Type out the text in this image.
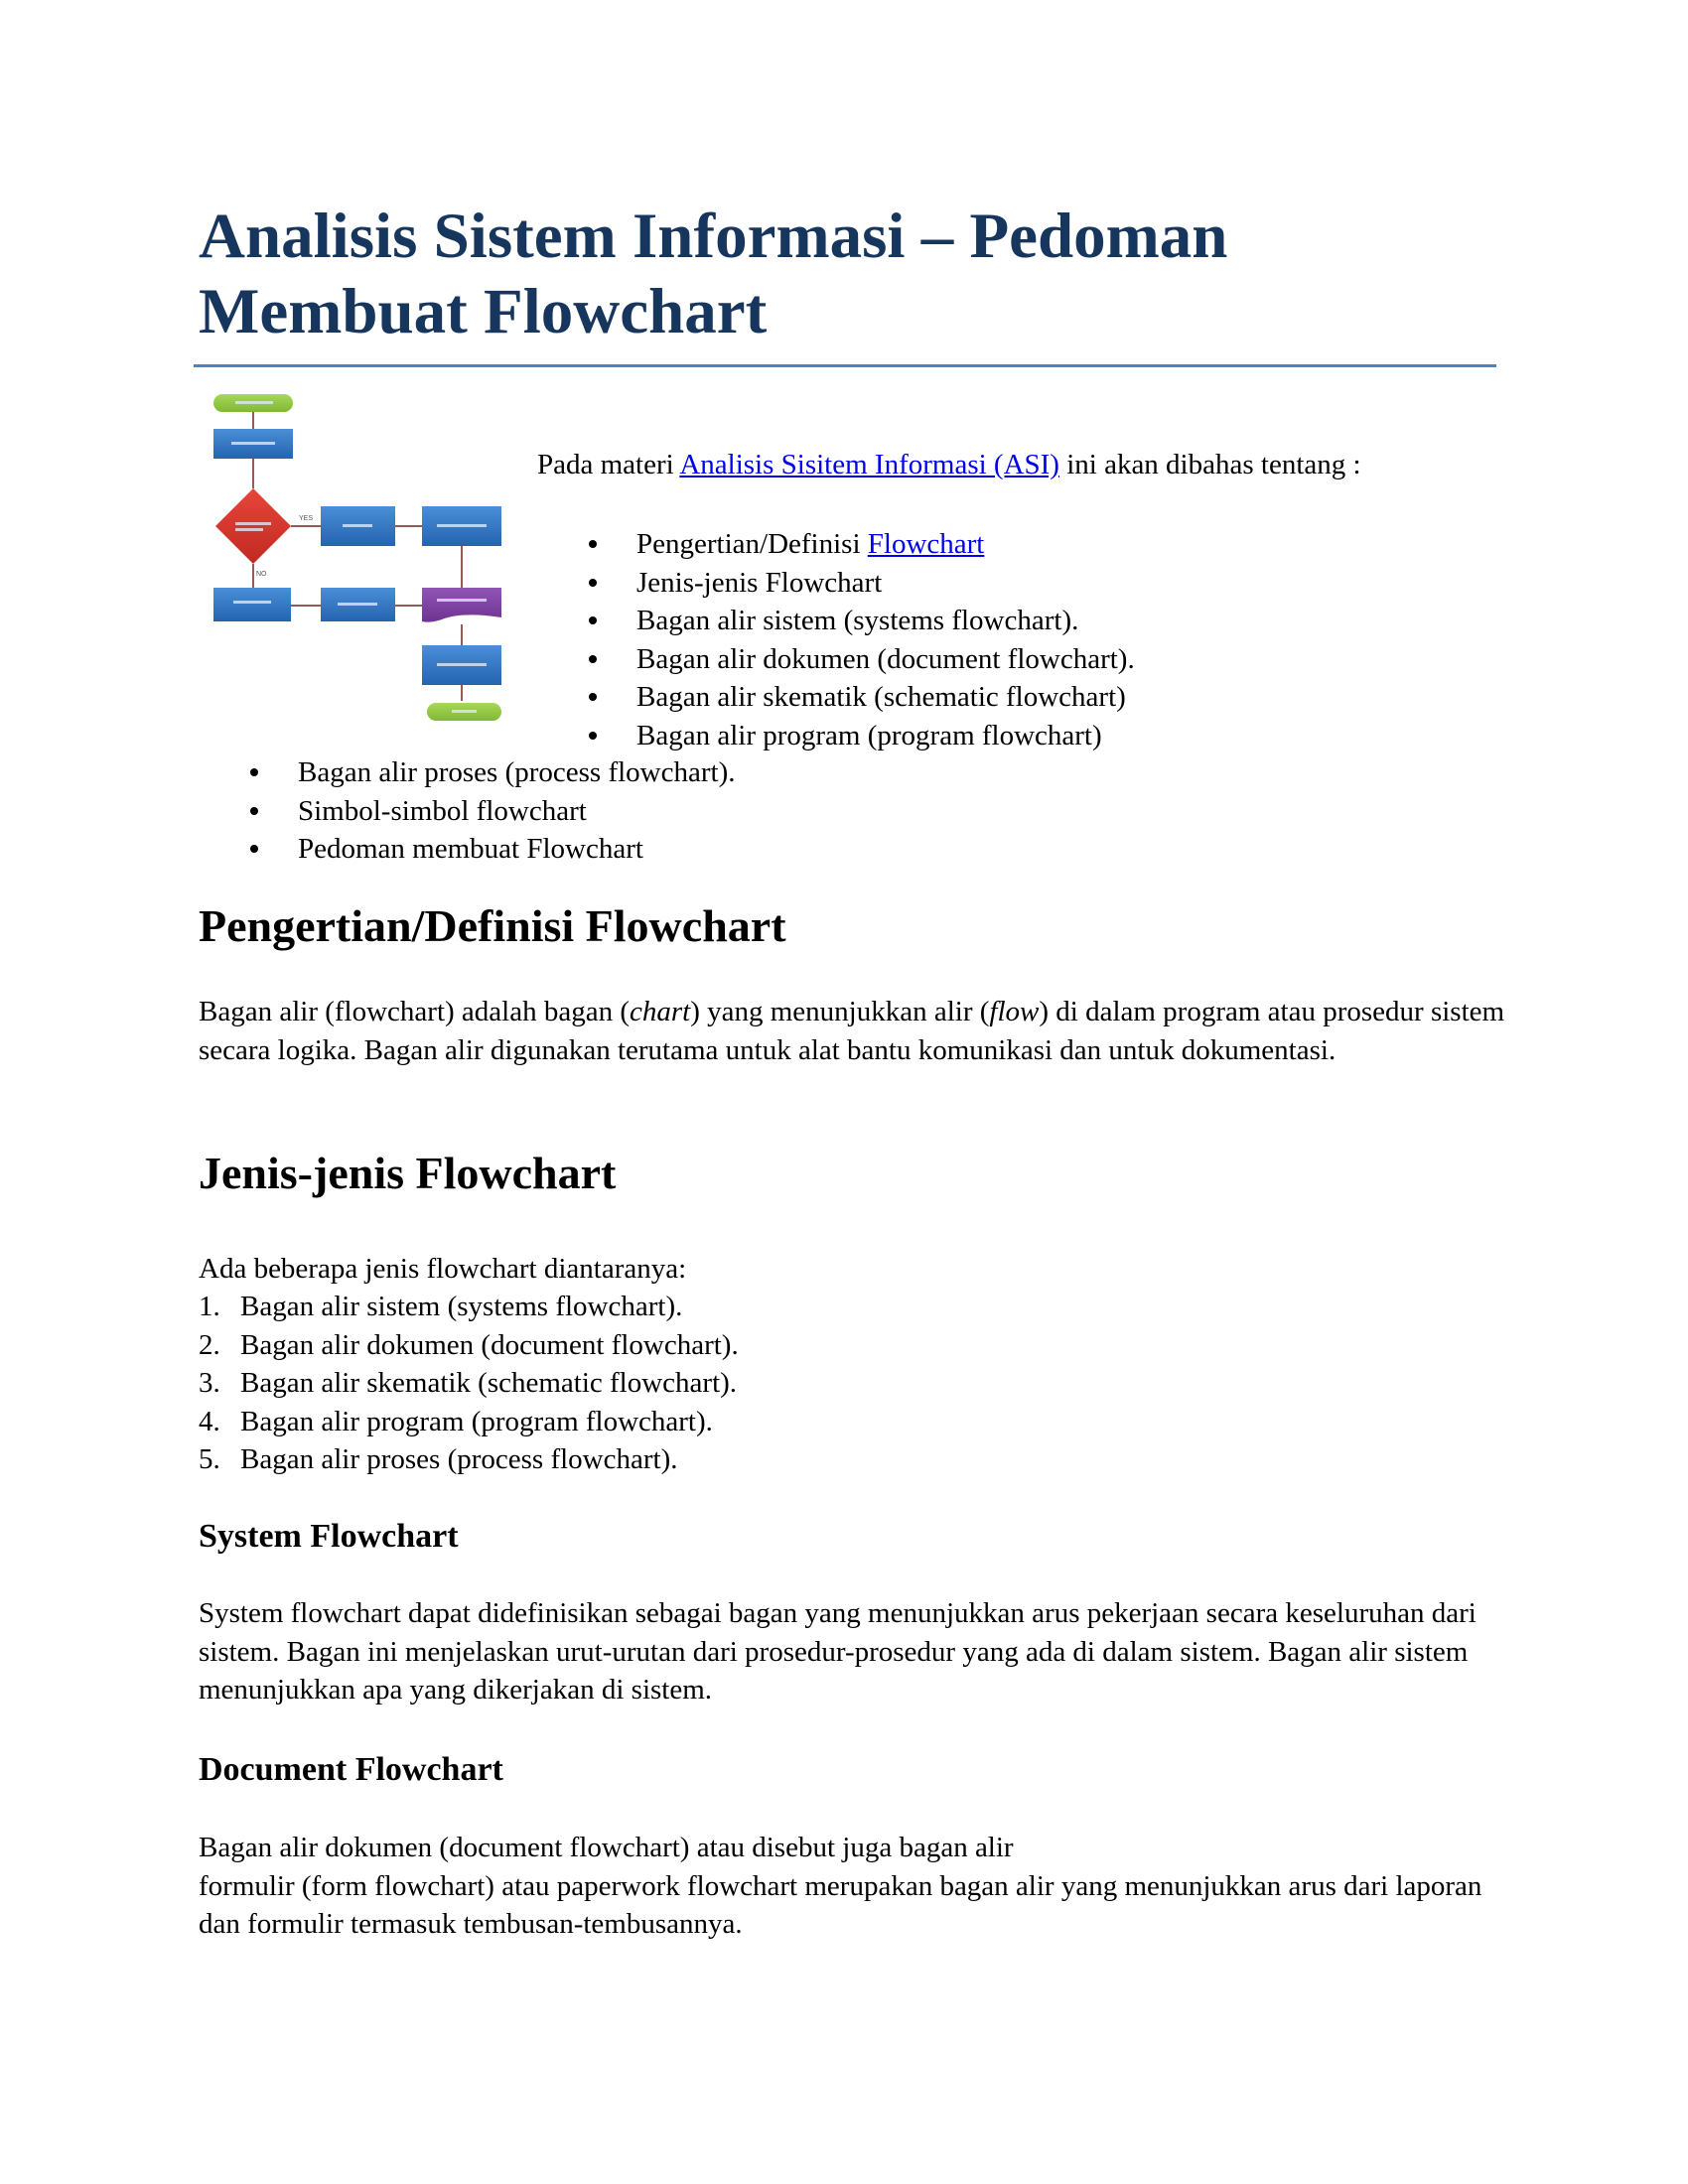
Analisis Sistem Informasi – Pedoman
Membuat Flowchart
YES
NO

Pada materi Analisis Sisitem Informasi (ASI) ini akan dibahas tentang :

Pengertian/Definisi Flowchart
Jenis-jenis Flowchart
Bagan alir sistem (systems flowchart).
Bagan alir dokumen (document flowchart).
Bagan alir skematik (schematic flowchart)
Bagan alir program (program flowchart)
Bagan alir proses (process flowchart).
Simbol-simbol flowchart
Pedoman membuat Flowchart
Pengertian/Definisi Flowchart

Bagan alir (flowchart) adalah bagan (chart) yang menunjukkan alir (flow) di dalam program atau prosedur sistem secara logika. Bagan alir digunakan terutama untuk alat bantu komunikasi dan untuk dokumentasi.

Jenis-jenis Flowchart

Ada beberapa jenis flowchart diantaranya:

1. Bagan alir sistem (systems flowchart).
2. Bagan alir dokumen (document flowchart).
3. Bagan alir skematik (schematic flowchart).
4. Bagan alir program (program flowchart).
5. Bagan alir proses (process flowchart).
System Flowchart

System flowchart dapat didefinisikan sebagai bagan yang menunjukkan arus pekerjaan secara keseluruhan dari sistem. Bagan ini menjelaskan urut-urutan dari prosedur-prosedur yang ada di dalam sistem. Bagan alir sistem menunjukkan apa yang dikerjakan di sistem.

Document Flowchart

Bagan alir dokumen (document flowchart) atau disebut juga bagan alir
formulir (form flowchart) atau paperwork flowchart merupakan bagan alir yang menunjukkan arus dari laporan dan formulir termasuk tembusan-tembusannya.
